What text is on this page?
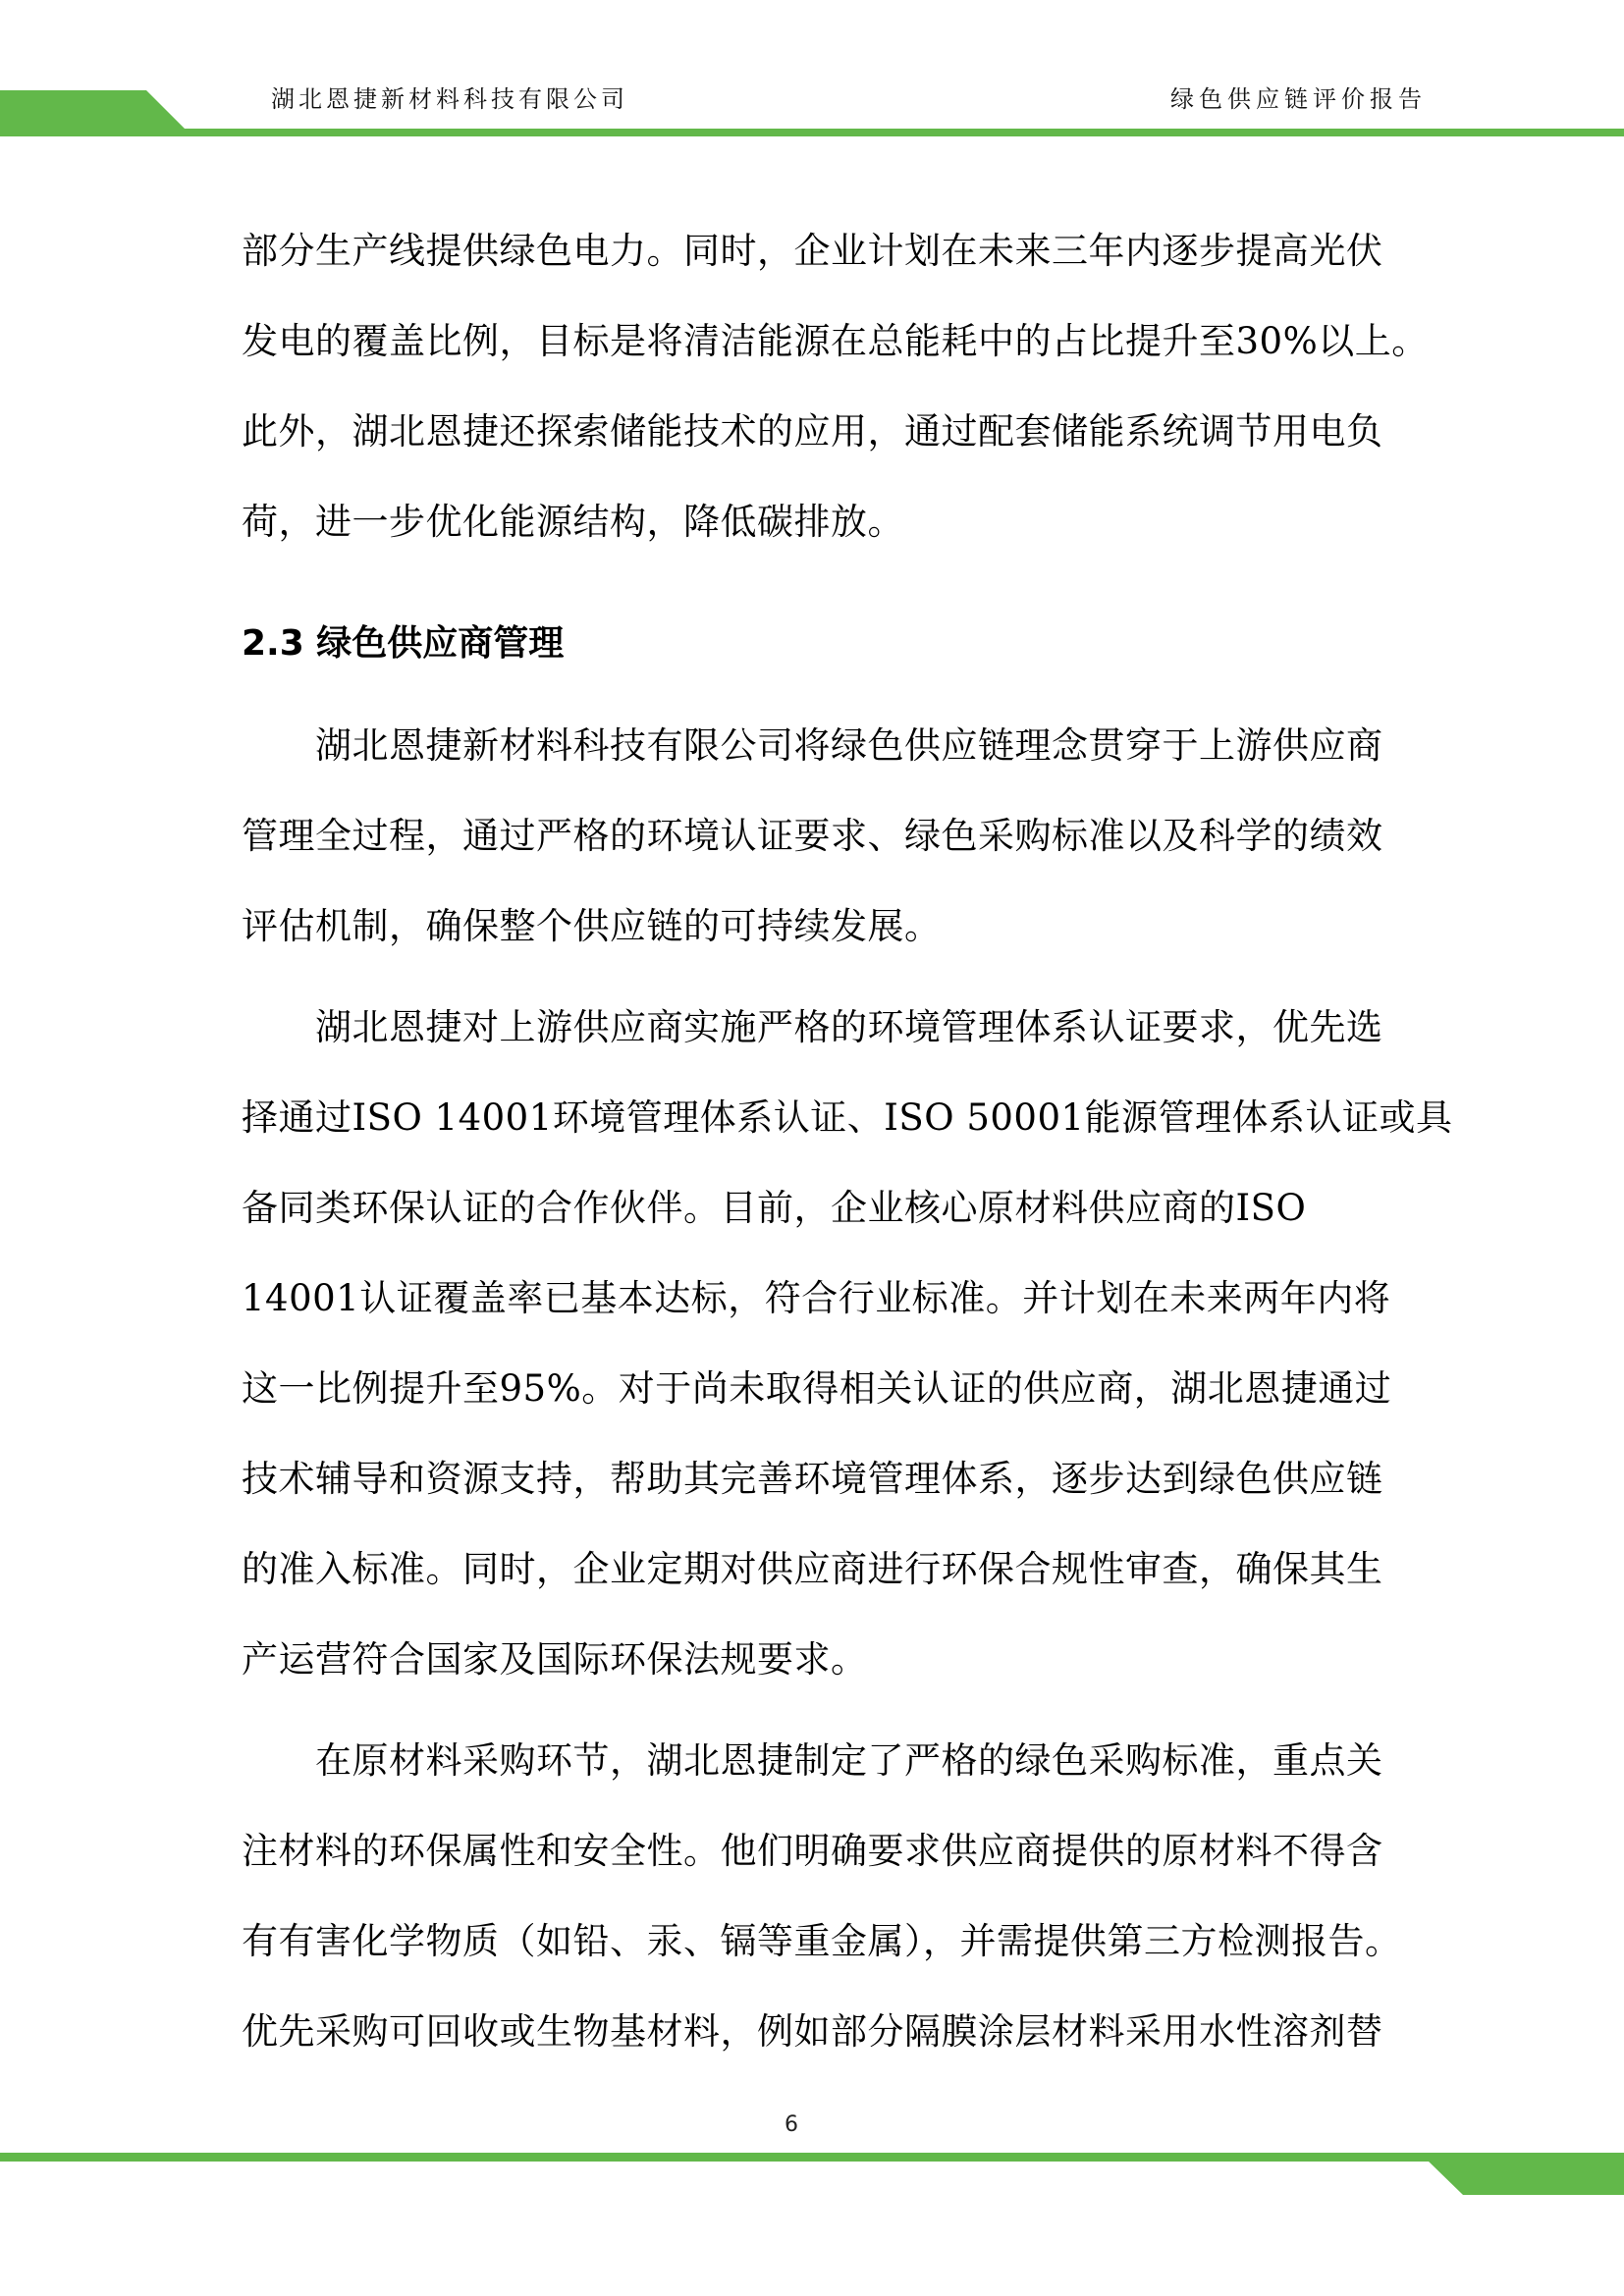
湖北恩捷新材料科技有限公司	绿色供应链评价报告
部分生产线提供绿色电力。同时，企业计划在未来三年内逐步提高光伏
发电的覆盖比例，目标是将清洁能源在总能耗中的占比提升至30%以上。
此外，湖北恩捷还探索储能技术的应用，通过配套储能系统调节用电负
荷，进一步优化能源结构，降低碳排放。
2.3 绿色供应商管理
湖北恩捷新材料科技有限公司将绿色供应链理念贯穿于上游供应商
管理全过程，通过严格的环境认证要求、绿色采购标准以及科学的绩效
评估机制，确保整个供应链的可持续发展。
湖北恩捷对上游供应商实施严格的环境管理体系认证要求，优先选
择通过ISO 14001环境管理体系认证、ISO 50001能源管理体系认证或具
备同类环保认证的合作伙伴。目前，企业核心原材料供应商的ISO
14001认证覆盖率已基本达标，符合行业标准。并计划在未来两年内将
这一比例提升至95%。对于尚未取得相关认证的供应商，湖北恩捷通过
技术辅导和资源支持，帮助其完善环境管理体系，逐步达到绿色供应链
的准入标准。同时，企业定期对供应商进行环保合规性审查，确保其生
产运营符合国家及国际环保法规要求。
在原材料采购环节，湖北恩捷制定了严格的绿色采购标准，重点关
注材料的环保属性和安全性。他们明确要求供应商提供的原材料不得含
有有害化学物质（如铅、汞、镉等重金属），并需提供第三方检测报告。
优先采购可回收或生物基材料，例如部分隔膜涂层材料采用水性溶剂替
6
